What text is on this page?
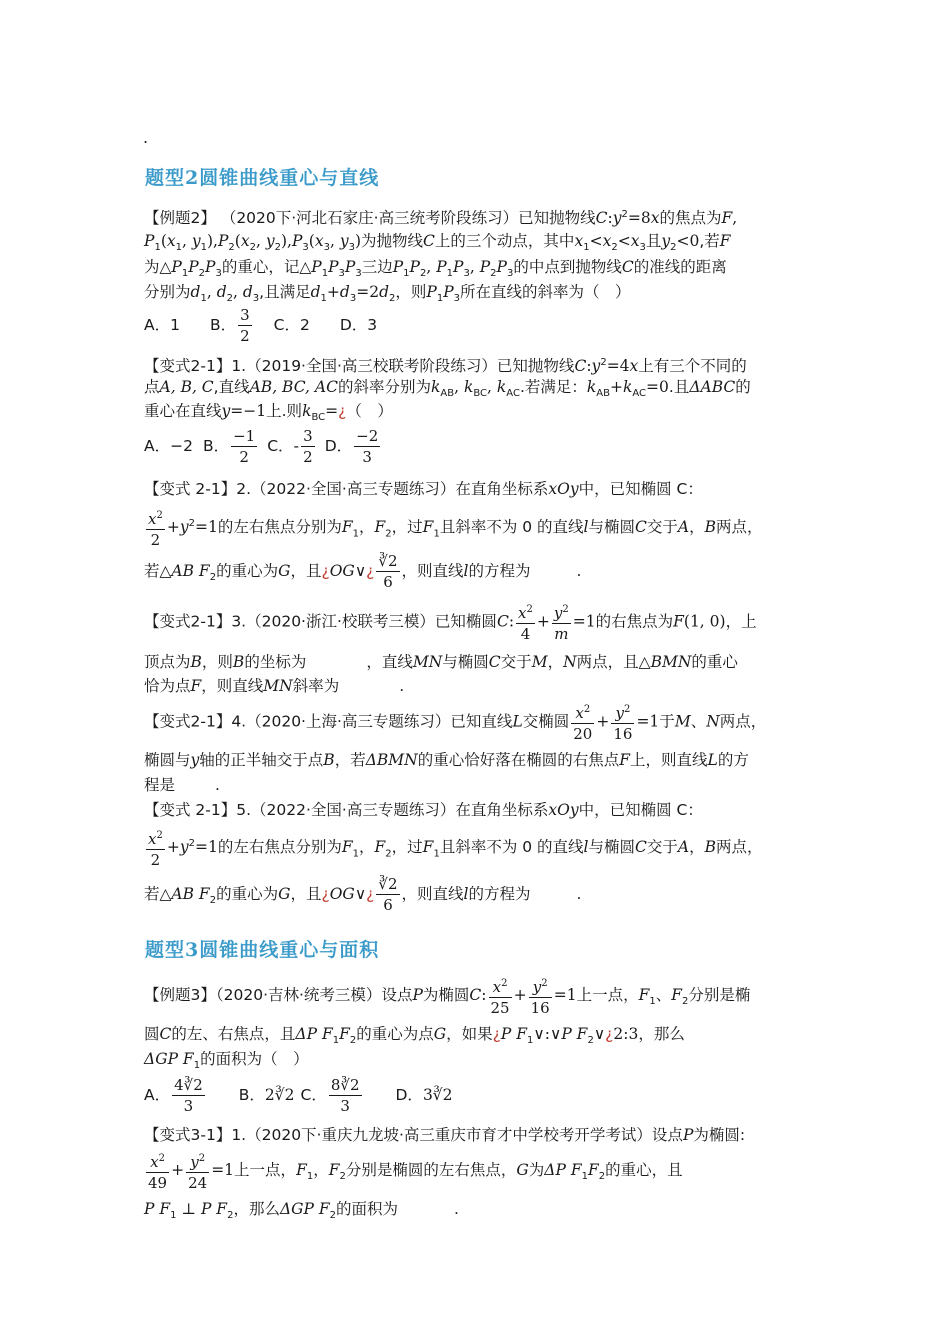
.
题型2圆锥曲线重心与直线
【例题2】 （2020下·河北石家庄·高三统考阶段练习）已知抛物线$C:y^2=8x$的焦点为F,
$P_1(x_1$, $y_1),P_2(x_2$, $y_2),P_3(x_3$, $y_3$)为抛物线C上的三个动点，其中$x_1<x_2<x_3$且$y_2<0$,若F
为$\triangle P_1P_2P_3$的重心，记$\triangle P_1P_3P_3$三边$P_1P_2$, $P_1P_3$, $P_2P_3$的中点到抛物线C的准线的距离
分别为$d_1$, $d_2$, $d_3$,且满足$d_1+d_3=2d_2$，则$P_1P_3$所在直线的斜率为（　）
A．1 B． $\frac{3}{2}$ C．2 D．3
【变式2-1】1.（2019·全国·高三校联考阶段练习）已知抛物线$C:y^2=4x$上有三个不同的
点A, B, C,直线AB, BC, AC的斜率分别为$k_{AB}$, $k_{BC}$, $k_{AC}$.若满足：$k_{AB}+k_{AC}=0$.且ΔABC的
重心在直线y=−1上.则$k_{BC}=¿$（　）
A．−2 B． $\frac{-1}{2}$ C．- $\frac{3}{2}$ D． $\frac{-2}{3}$
【变式 2-1】2.（2022·全国·高三专题练习）在直角坐标系xOy中，已知椭圆 C：
$\frac{x^2}{2} +y^2=1$的左右焦点分别为$F_1$，$F_2$，过$F_1$且斜率不为 0 的直线l与椭圆C交于A，B两点，
若△AB $F_2$的重心为G，且¿OG∨¿ $\frac{∛2}{6}$ ，则直线l的方程为	.
【变式2-1】3.（2020·浙江·校联考三模）已知椭圆C: $\frac{x^2}{4} + \frac{y^2}{m} =1$的右焦点为F(1, 0)，上
顶点为B，则B的坐标为	，直线MN与椭圆C交于M，N两点，且△BMN的重心
恰为点F，则直线MN斜率为	.
【变式2-1】4.（2020·上海·高三专题练习）已知直线L交椭圆 $\frac{x^2}{20} + \frac{y^2}{16} =1$于M、N两点，
椭圆与y轴的正半轴交于点B，若ΔBMN的重心恰好落在椭圆的右焦点F上，则直线L的方
程是	.
【变式 2-1】5.（2022·全国·高三专题练习）在直角坐标系xOy中，已知椭圆 C：
$\frac{x^2}{2} +y^2=1$的左右焦点分别为$F_1$，$F_2$，过$F_1$且斜率不为 0 的直线l与椭圆C交于A，B两点，
若△AB $F_2$的重心为G，且¿OG∨¿ $\frac{∛2}{6}$ ，则直线l的方程为	.
题型3圆锥曲线重心与面积
【例题3】（2020·吉林·统考三模）设点P为椭圆C: $\frac{x^2}{25} + \frac{y^2}{16} =1$上一点，$F_1$、$F_2$分别是椭
圆C的左、右焦点，且ΔP $F_1F_2$的重心为点G，如果¿P $F_1\vee:\vee P$ $F_2\vee¿2:3$，那么
ΔGP $F_1$的面积为（　）
A． $\frac{4∛2}{3}$ B．2∛2 C． $\frac{8∛2}{3}$ D．3∛2
【变式3-1】1.（2020下·重庆九龙坡·高三重庆市育才中学校考开学考试）设点P为椭圆:
$\frac{x^2}{49} + \frac{y^2}{24} =1$上一点，$F_1$，$F_2$分别是椭圆的左右焦点，G为ΔP $F_1F_2$的重心，且
P $F_1$ ⊥ P $F_2$，那么ΔGP $F_2$的面积为	.
